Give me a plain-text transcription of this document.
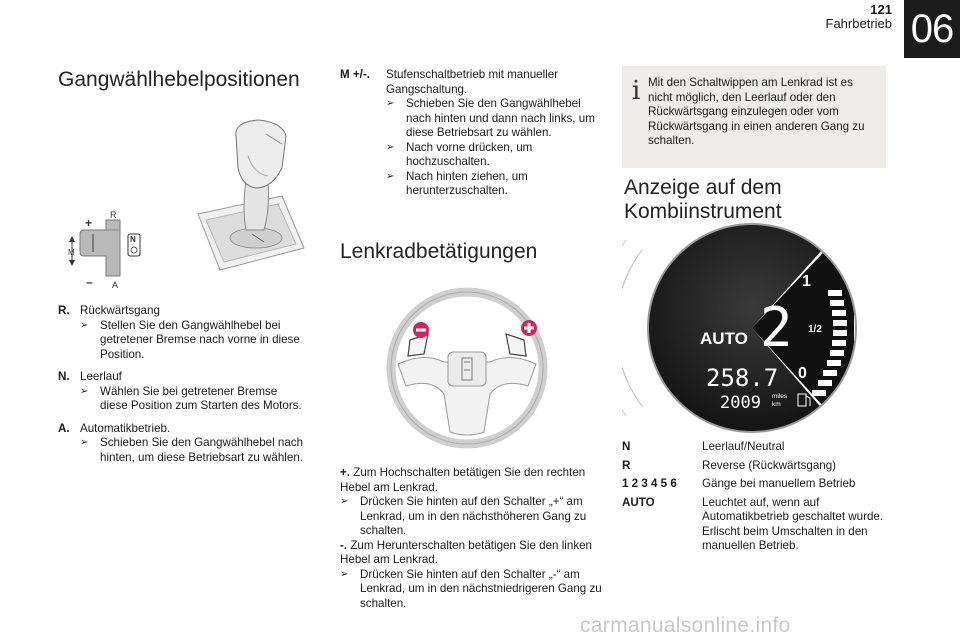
121
Fahrbetrieb 06
Gangwählhebelpositionen
R
N
A
M
+
–
R. Rückwärtsgang
➢	Stellen Sie den Gangwählhebel bei getretener Bremse nach vorne in diese Position.
N. Leerlauf
➢	Wählen Sie bei getretener Bremse diese Position zum Starten des Motors.
A. Automatikbetrieb.
➢	Schieben Sie den Gangwählhebel nach hinten, um diese Betriebsart zu wählen.
M +/-.	Stufenschaltbetrieb mit manueller Gangschaltung.
➢	Schieben Sie den Gangwählhebel nach hinten und dann nach links, um diese Betriebsart zu wählen.
➢	Nach vorne drücken, um hochzuschalten.
➢	Nach hinten ziehen, um herunterzuschalten.
Lenkradbetätigungen
+. Zum Hochschalten betätigen Sie den rechten Hebel am Lenkrad.
➢	Drücken Sie hinten auf den Schalter „+“ am Lenkrad, um in den nächsthöheren Gang zu schalten.
-. Zum Herunterschalten betätigen Sie den linken Hebel am Lenkrad.
➢	Drücken Sie hinten auf den Schalter „-“ am Lenkrad, um in den nächstniedrigeren Gang zu schalten.
i Mit den Schaltwippen am Lenkrad ist es nicht möglich, den Leerlauf oder den Rückwärtsgang einzulegen oder vom Rückwärtsgang in einen anderen Gang zu schalten.
Anzeige auf dem
Kombiinstrument
1
1/2
0
AUTO 2
258.7
2009 miles
km
N	Leerlauf/Neutral
R	Reverse (Rückwärtsgang)
1 2 3 4 5 6	Gänge bei manuellem Betrieb
AUTO	Leuchtet auf, wenn auf Automatikbetrieb geschaltet wurde. Erlischt beim Umschalten in den manuellen Betrieb.
carmanualsonline.info
